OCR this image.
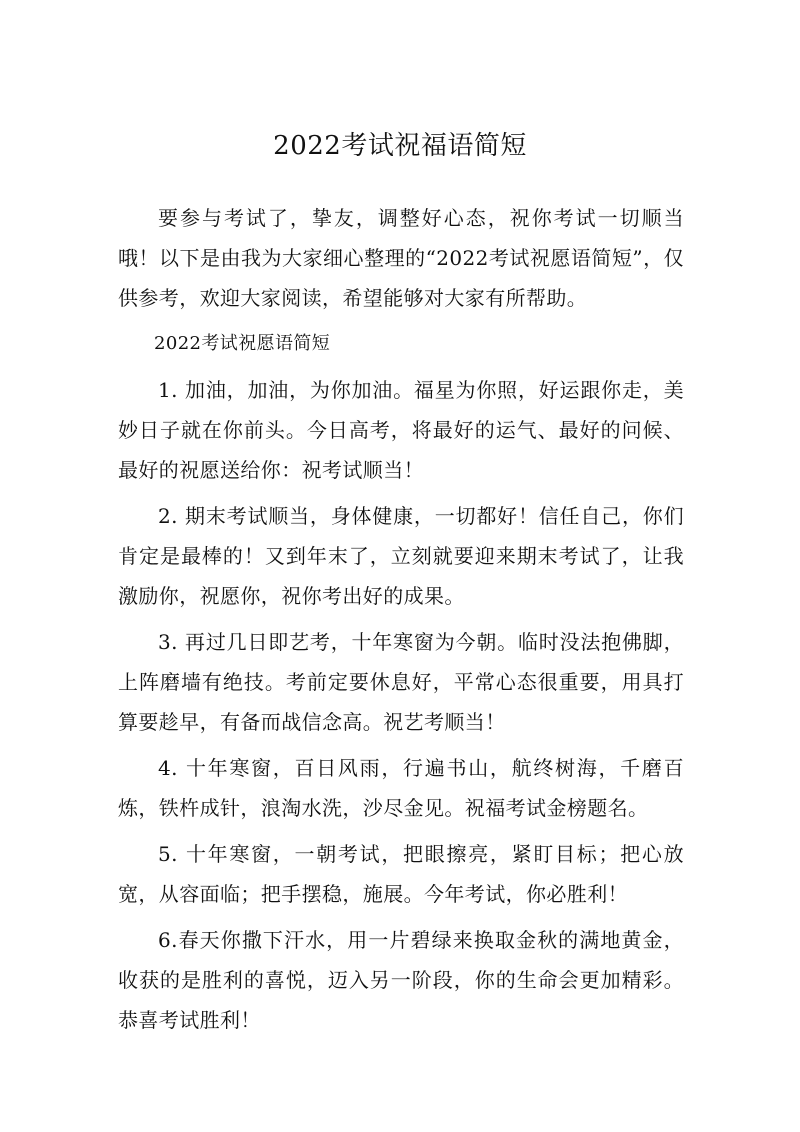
2022考试祝福语简短

要参与考试了，挚友，调整好心态，祝你考试一切顺当哦！以下是由我为大家细心整理的“2022考试祝愿语简短”，仅供参考，欢迎大家阅读，希望能够对大家有所帮助。

2022考试祝愿语简短

1. 加油，加油，为你加油。福星为你照，好运跟你走，美妙日子就在你前头。今日高考，将最好的运气、最好的问候、最好的祝愿送给你：祝考试顺当！

2. 期末考试顺当，身体健康，一切都好！信任自己，你们肯定是最棒的！又到年末了，立刻就要迎来期末考试了，让我激励你，祝愿你，祝你考出好的成果。

3. 再过几日即艺考，十年寒窗为今朝。临时没法抱佛脚，上阵磨墙有绝技。考前定要休息好，平常心态很重要，用具打算要趁早，有备而战信念高。祝艺考顺当！

4. 十年寒窗，百日风雨，行遍书山，航终树海，千磨百炼，铁杵成针，浪淘水洗，沙尽金见。祝福考试金榜题名。

5. 十年寒窗，一朝考试，把眼擦亮，紧盯目标；把心放宽，从容面临；把手摆稳，施展。今年考试，你必胜利！

6.春天你撒下汗水，用一片碧绿来换取金秋的满地黄金，收获的是胜利的喜悦，迈入另一阶段，你的生命会更加精彩。恭喜考试胜利！
